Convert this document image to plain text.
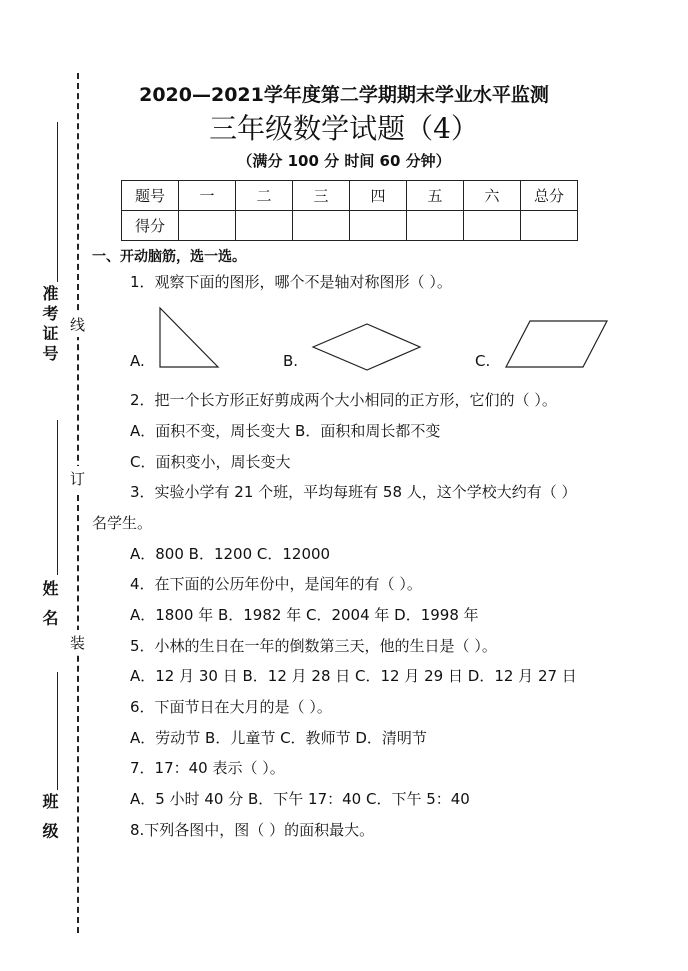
准考证号
姓 名
班 级
线
订
装
2020—2021学年度第二学期期末学业水平监测
三年级数学试题（4）
（满分 100 分 时间 60 分钟）
题号	一	二	三	四	五	六	总分
得分							
一、开动脑筋，选一选。
1．观察下面的图形，哪个不是轴对称图形（ ）。
A.	B.	C.
2．把一个长方形正好剪成两个大小相同的正方形，它们的（ ）。
A．面积不变，周长变大 B．面积和周长都不变
C．面积变小，周长变大
3．实验小学有 21 个班，平均每班有 58 人，这个学校大约有（ ）
名学生。
A．800 B．1200 C．12000
4．在下面的公历年份中，是闰年的有（ ）。
A．1800 年 B．1982 年 C．2004 年 D．1998 年
5．小林的生日在一年的倒数第三天，他的生日是（ ）。
A．12 月 30 日 B．12 月 28 日 C．12 月 29 日 D．12 月 27 日
6．下面节日在大月的是（ ）。
A．劳动节 B．儿童节 C．教师节 D．清明节
7．17：40 表示（ ）。
A．5 小时 40 分 B．下午 17：40 C．下午 5：40
8.下列各图中，图（ ）的面积最大。
